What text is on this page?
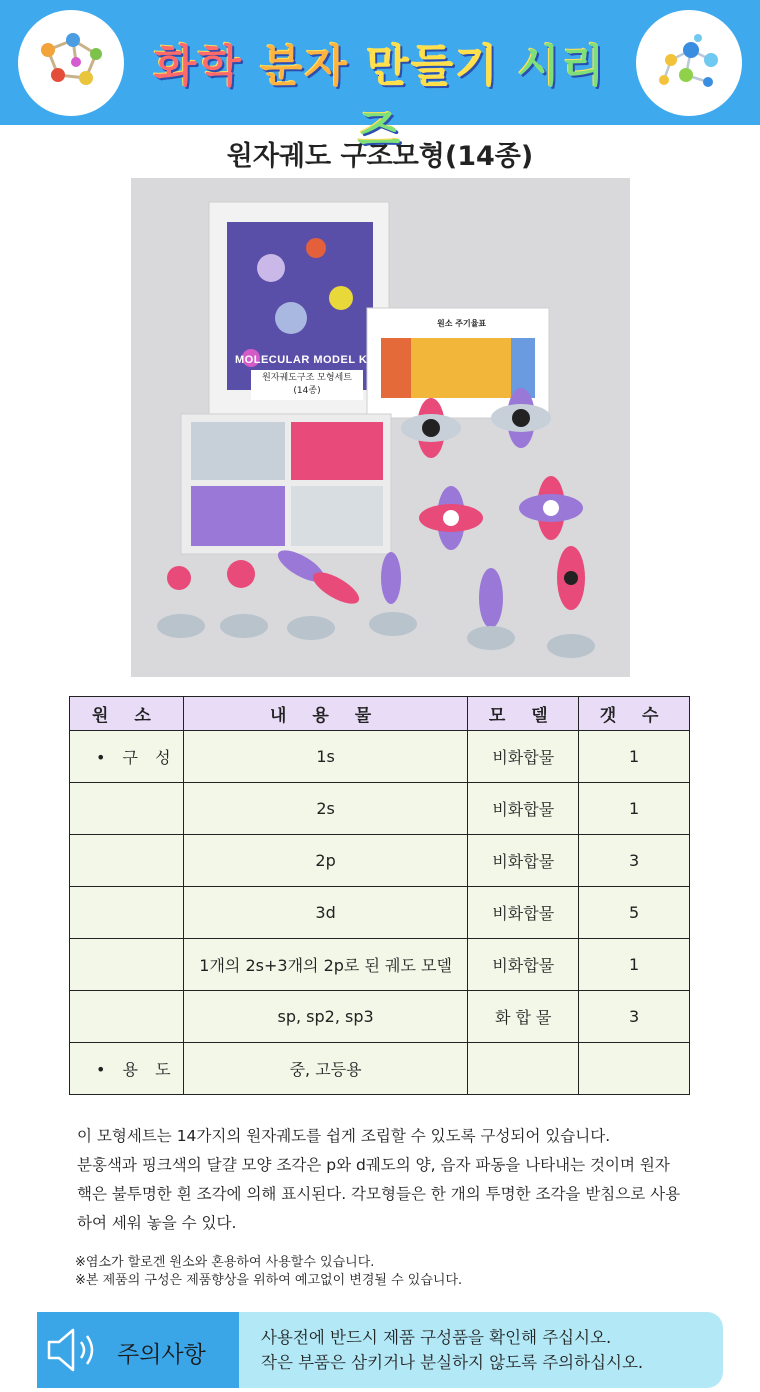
화학 분자 만들기 시리즈
원자궤도 구조모형(14종)
MOLECULAR MODEL KIT
원자궤도구조 모형세트
(14종)
원소 주기율표
원 소	내 용 물	모 델	갯 수
• 구 성	1s	비화합물	1
	2s	비화합물	1
	2p	비화합물	3
	3d	비화합물	5
	1개의 2s+3개의 2p로 된 궤도 모델	비화합물	1
	sp, sp2, sp3	화 합 물	3
• 용 도	중, 고등용		
이 모형세트는 14가지의 원자궤도를 쉽게 조립할 수 있도록 구성되어 있습니다.
분홍색과 핑크색의 달걀 모양 조각은 p와 d궤도의 양, 음자 파동을 나타내는 것이며 원자
핵은 불투명한 흰 조각에 의해 표시된다. 각모형들은 한 개의 투명한 조각을 받침으로 사용
하여 세워 놓을 수 있다.
※염소가 할로겐 원소와 혼용하여 사용할수 있습니다.
※본 제품의 구성은 제품향상을 위하여 예고없이 변경될 수 있습니다.
주의사항
사용전에 반드시 제품 구성품을 확인해 주십시오.
작은 부품은 삼키거나 분실하지 않도록 주의하십시오.
